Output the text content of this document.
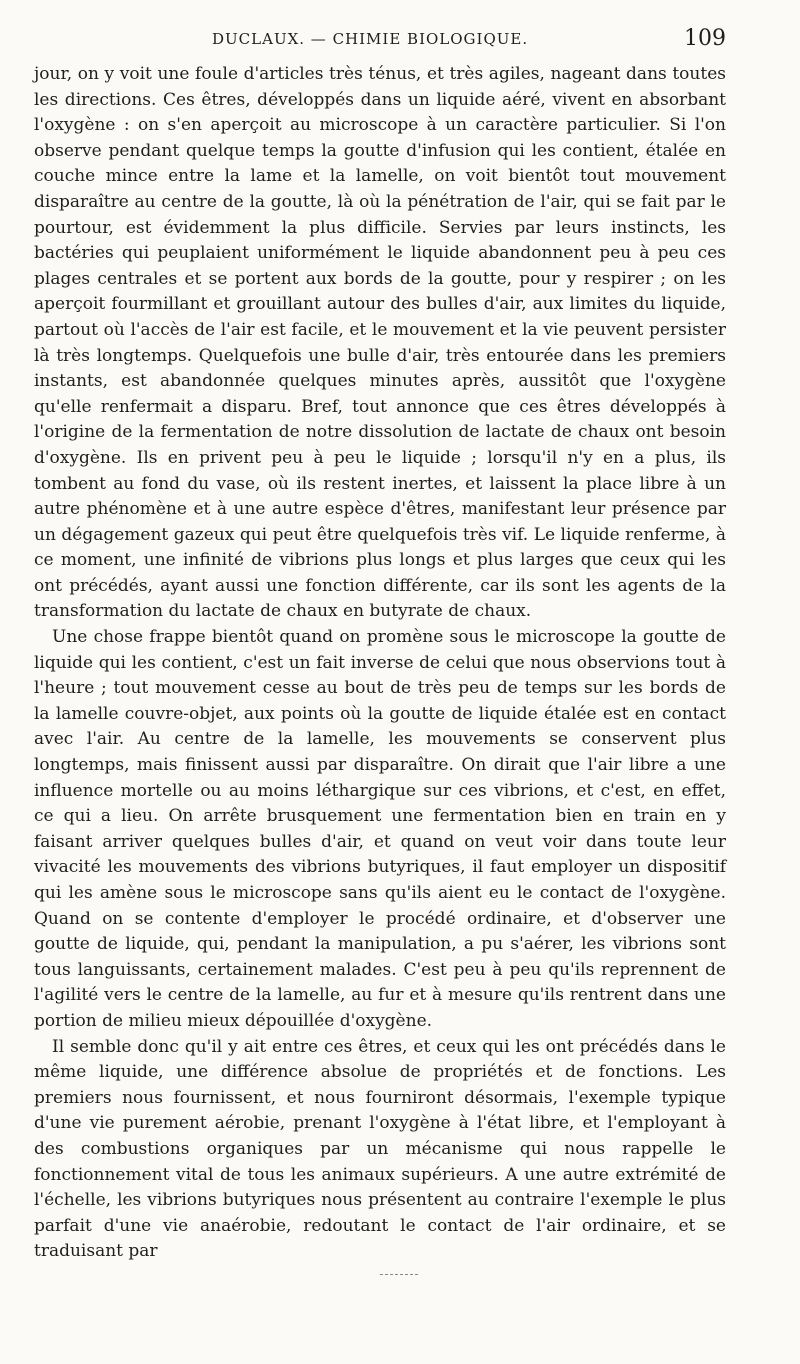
DUCLAUX. — CHIMIE BIOLOGIQUE.	109

jour, on y voit une foule d'articles très ténus, et très agiles, nageant dans toutes les directions. Ces êtres, développés dans un liquide aéré, vivent en absorbant l'oxygène : on s'en aperçoit au microscope à un caractère particulier. Si l'on observe pendant quelque temps la goutte d'infusion qui les contient, étalée en couche mince entre la lame et la lamelle, on voit bientôt tout mouvement disparaître au centre de la goutte, là où la pénétration de l'air, qui se fait par le pourtour, est évidemment la plus difficile. Servies par leurs instincts, les bactéries qui peuplaient uniformément le liquide abandonnent peu à peu ces plages centrales et se portent aux bords de la goutte, pour y respirer ; on les aperçoit fourmillant et grouillant autour des bulles d'air, aux limites du liquide, partout où l'accès de l'air est facile, et le mouvement et la vie peuvent persister là très longtemps. Quelquefois une bulle d'air, très entourée dans les premiers instants, est abandonnée quelques minutes après, aussitôt que l'oxygène qu'elle renfermait a disparu. Bref, tout annonce que ces êtres développés à l'origine de la fermentation de notre dissolution de lactate de chaux ont besoin d'oxygène. Ils en privent peu à peu le liquide ; lorsqu'il n'y en a plus, ils tombent au fond du vase, où ils restent inertes, et laissent la place libre à un autre phénomène et à une autre espèce d'êtres, manifestant leur présence par un dégagement gazeux qui peut être quelquefois très vif. Le liquide renferme, à ce moment, une infinité de vibrions plus longs et plus larges que ceux qui les ont précédés, ayant aussi une fonction différente, car ils sont les agents de la transformation du lactate de chaux en butyrate de chaux.

Une chose frappe bientôt quand on promène sous le microscope la goutte de liquide qui les contient, c'est un fait inverse de celui que nous observions tout à l'heure ; tout mouvement cesse au bout de très peu de temps sur les bords de la lamelle couvre-objet, aux points où la goutte de liquide étalée est en contact avec l'air. Au centre de la lamelle, les mouvements se conservent plus longtemps, mais finissent aussi par disparaître. On dirait que l'air libre a une influence mortelle ou au moins léthargique sur ces vibrions, et c'est, en effet, ce qui a lieu. On arrête brusquement une fermentation bien en train en y faisant arriver quelques bulles d'air, et quand on veut voir dans toute leur vivacité les mouvements des vibrions butyriques, il faut employer un dispositif qui les amène sous le microscope sans qu'ils aient eu le contact de l'oxygène. Quand on se contente d'employer le procédé ordinaire, et d'observer une goutte de liquide, qui, pendant la manipulation, a pu s'aérer, les vibrions sont tous languissants, certainement malades. C'est peu à peu qu'ils reprennent de l'agilité vers le centre de la lamelle, au fur et à mesure qu'ils rentrent dans une portion de milieu mieux dépouillée d'oxygène.

Il semble donc qu'il y ait entre ces êtres, et ceux qui les ont précédés dans le même liquide, une différence absolue de propriétés et de fonctions. Les premiers nous fournissent, et nous fourniront désormais, l'exemple typique d'une vie purement aérobie, prenant l'oxygène à l'état libre, et l'employant à des combustions organiques par un mécanisme qui nous rappelle le fonctionnement vital de tous les animaux supérieurs. A une autre extrémité de l'échelle, les vibrions butyriques nous présentent au contraire l'exemple le plus parfait d'une vie anaérobie, redoutant le contact de l'air ordinaire, et se traduisant par
